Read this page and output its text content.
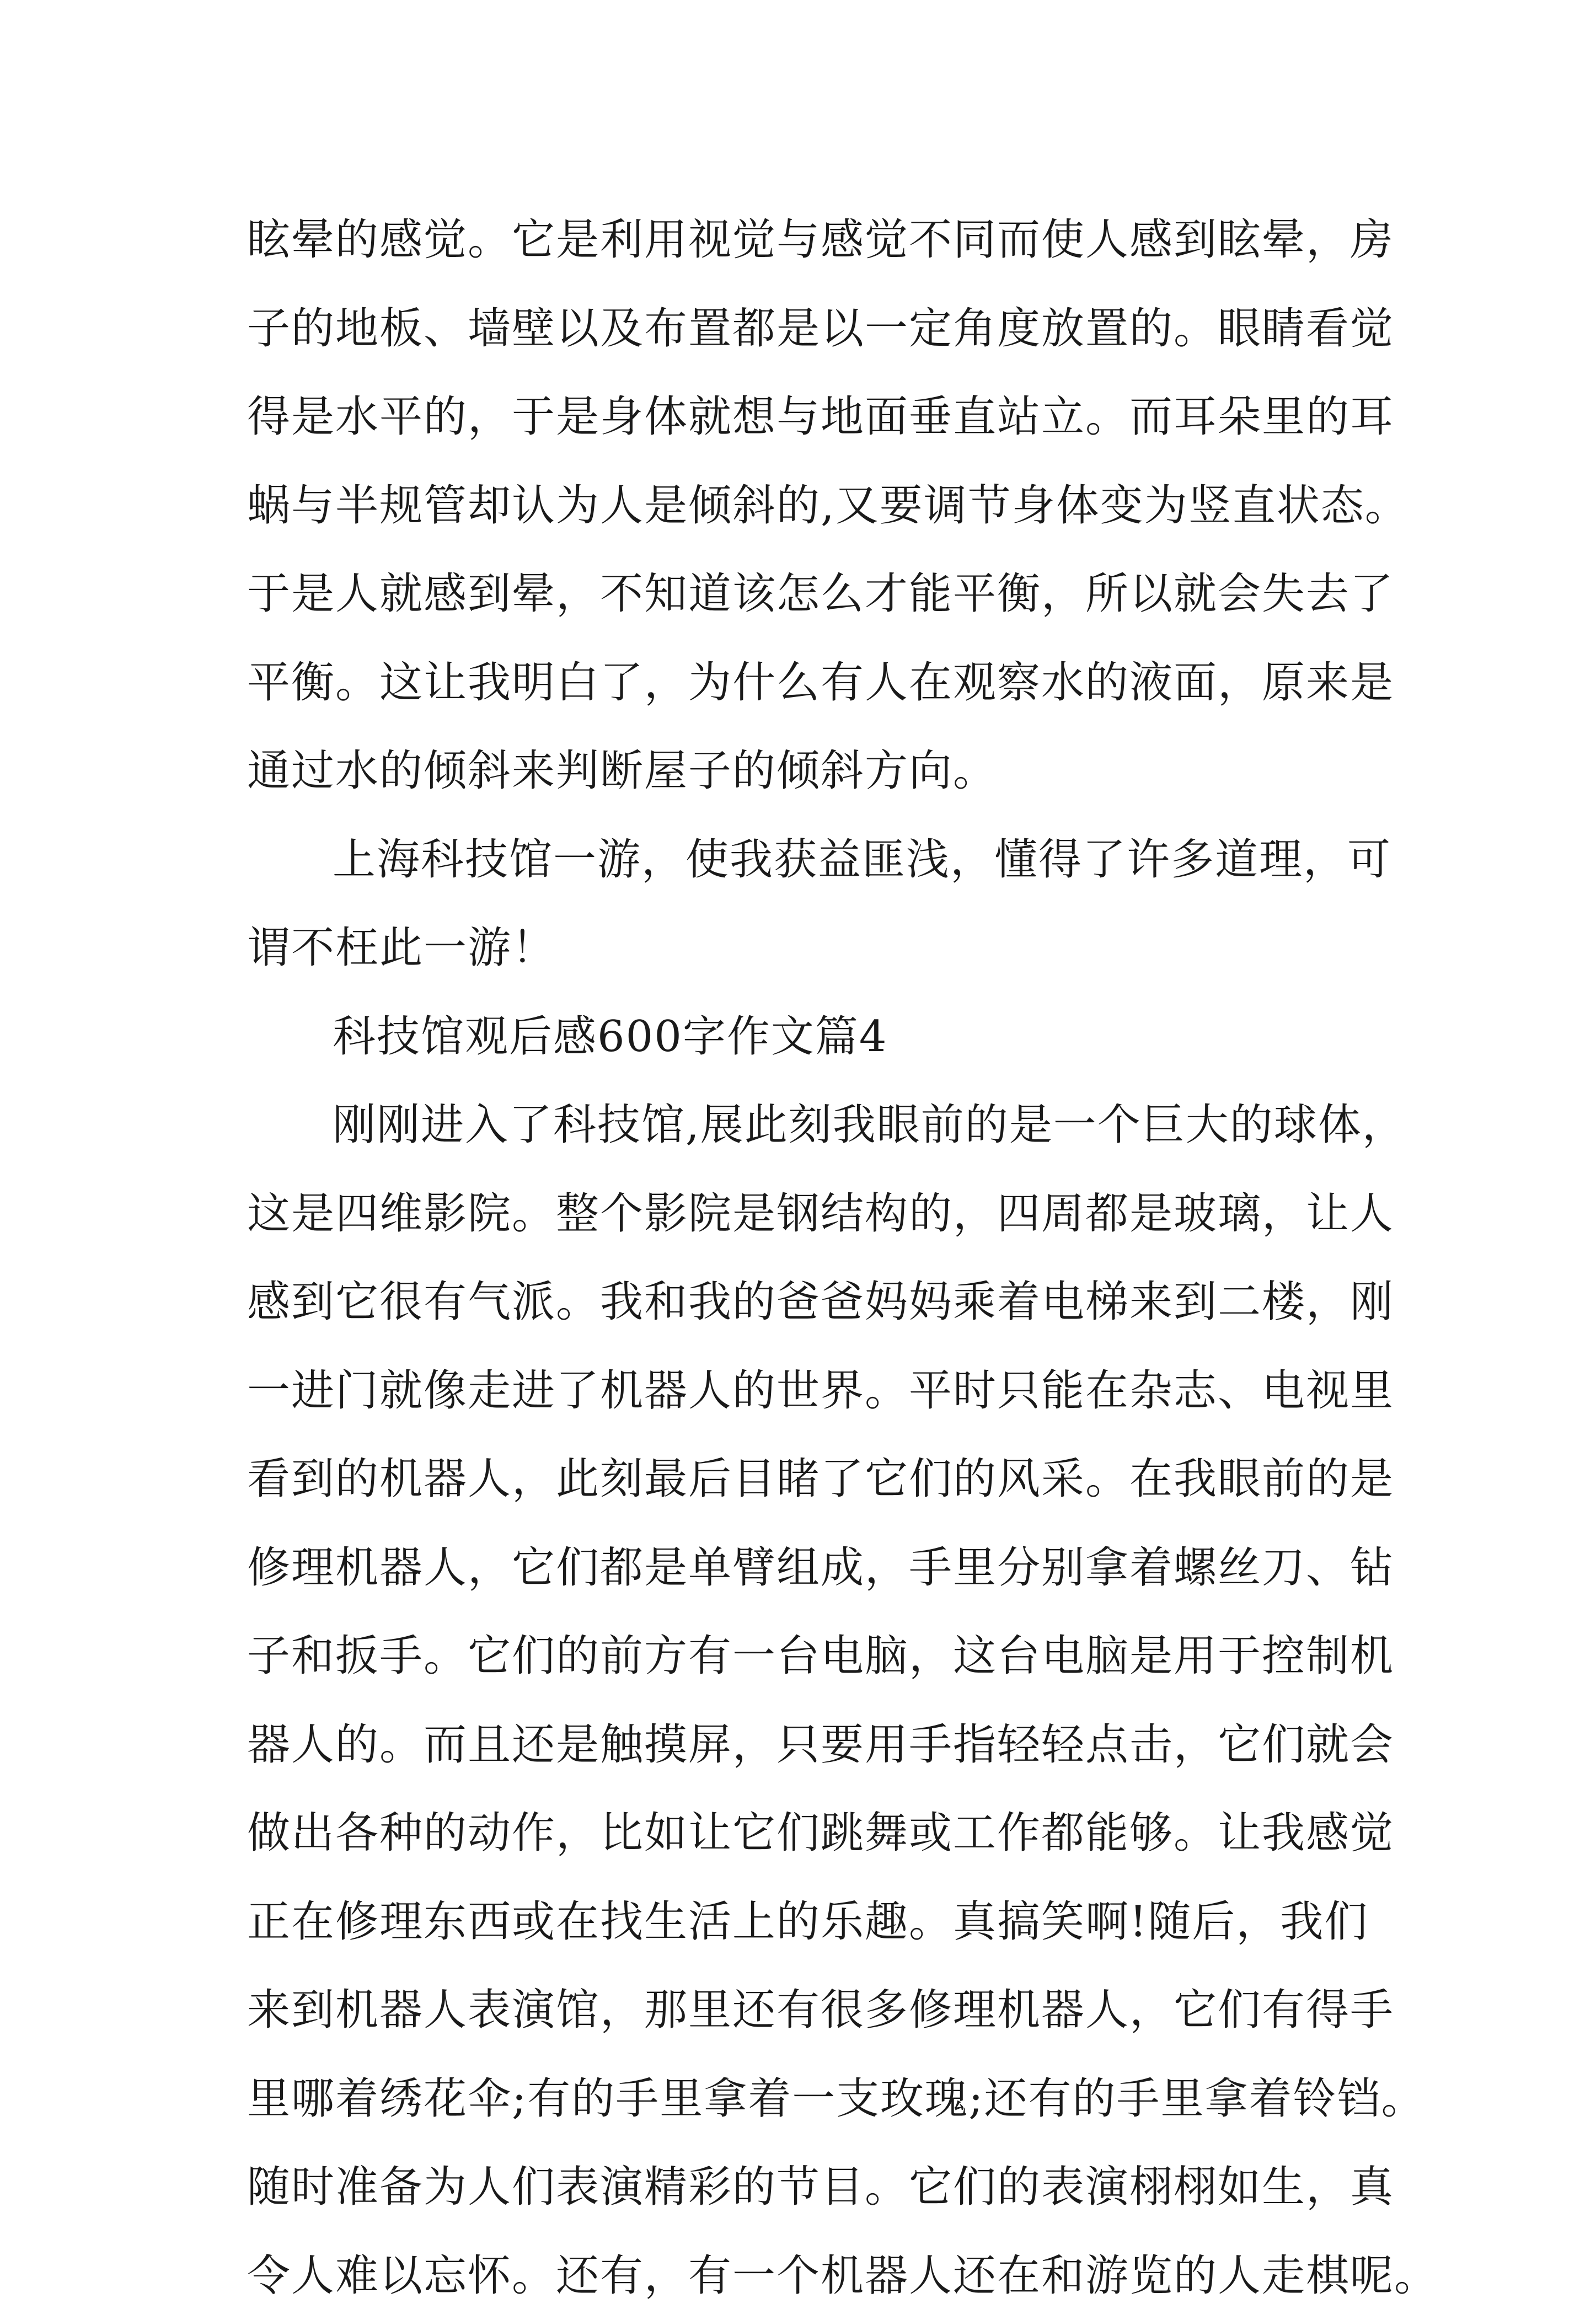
眩晕的感觉。它是利用视觉与感觉不同而使人感到眩晕，房
子的地板、墙壁以及布置都是以一定角度放置的。眼睛看觉
得是水平的，于是身体就想与地面垂直站立。而耳朵里的耳
蜗与半规管却认为人是倾斜的,又要调节身体变为竖直状态。
于是人就感到晕，不知道该怎么才能平衡，所以就会失去了
平衡。这让我明白了，为什么有人在观察水的液面，原来是
通过水的倾斜来判断屋子的倾斜方向。
上海科技馆一游，使我获益匪浅，懂得了许多道理，可
谓不枉此一游！
科技馆观后感600字作文篇4
刚刚进入了科技馆,展此刻我眼前的是一个巨大的球体，
这是四维影院。整个影院是钢结构的，四周都是玻璃，让人
感到它很有气派。我和我的爸爸妈妈乘着电梯来到二楼，刚
一进门就像走进了机器人的世界。平时只能在杂志、电视里
看到的机器人，此刻最后目睹了它们的风采。在我眼前的是
修理机器人，它们都是单臂组成，手里分别拿着螺丝刀、钻
子和扳手。它们的前方有一台电脑，这台电脑是用于控制机
器人的。而且还是触摸屏，只要用手指轻轻点击，它们就会
做出各种的动作，比如让它们跳舞或工作都能够。让我感觉
正在修理东西或在找生活上的乐趣。真搞笑啊!随后，我们
来到机器人表演馆，那里还有很多修理机器人，它们有得手
里哪着绣花伞;有的手里拿着一支玫瑰;还有的手里拿着铃铛。
随时准备为人们表演精彩的节目。它们的表演栩栩如生，真
令人难以忘怀。还有，有一个机器人还在和游览的人走棋呢。
